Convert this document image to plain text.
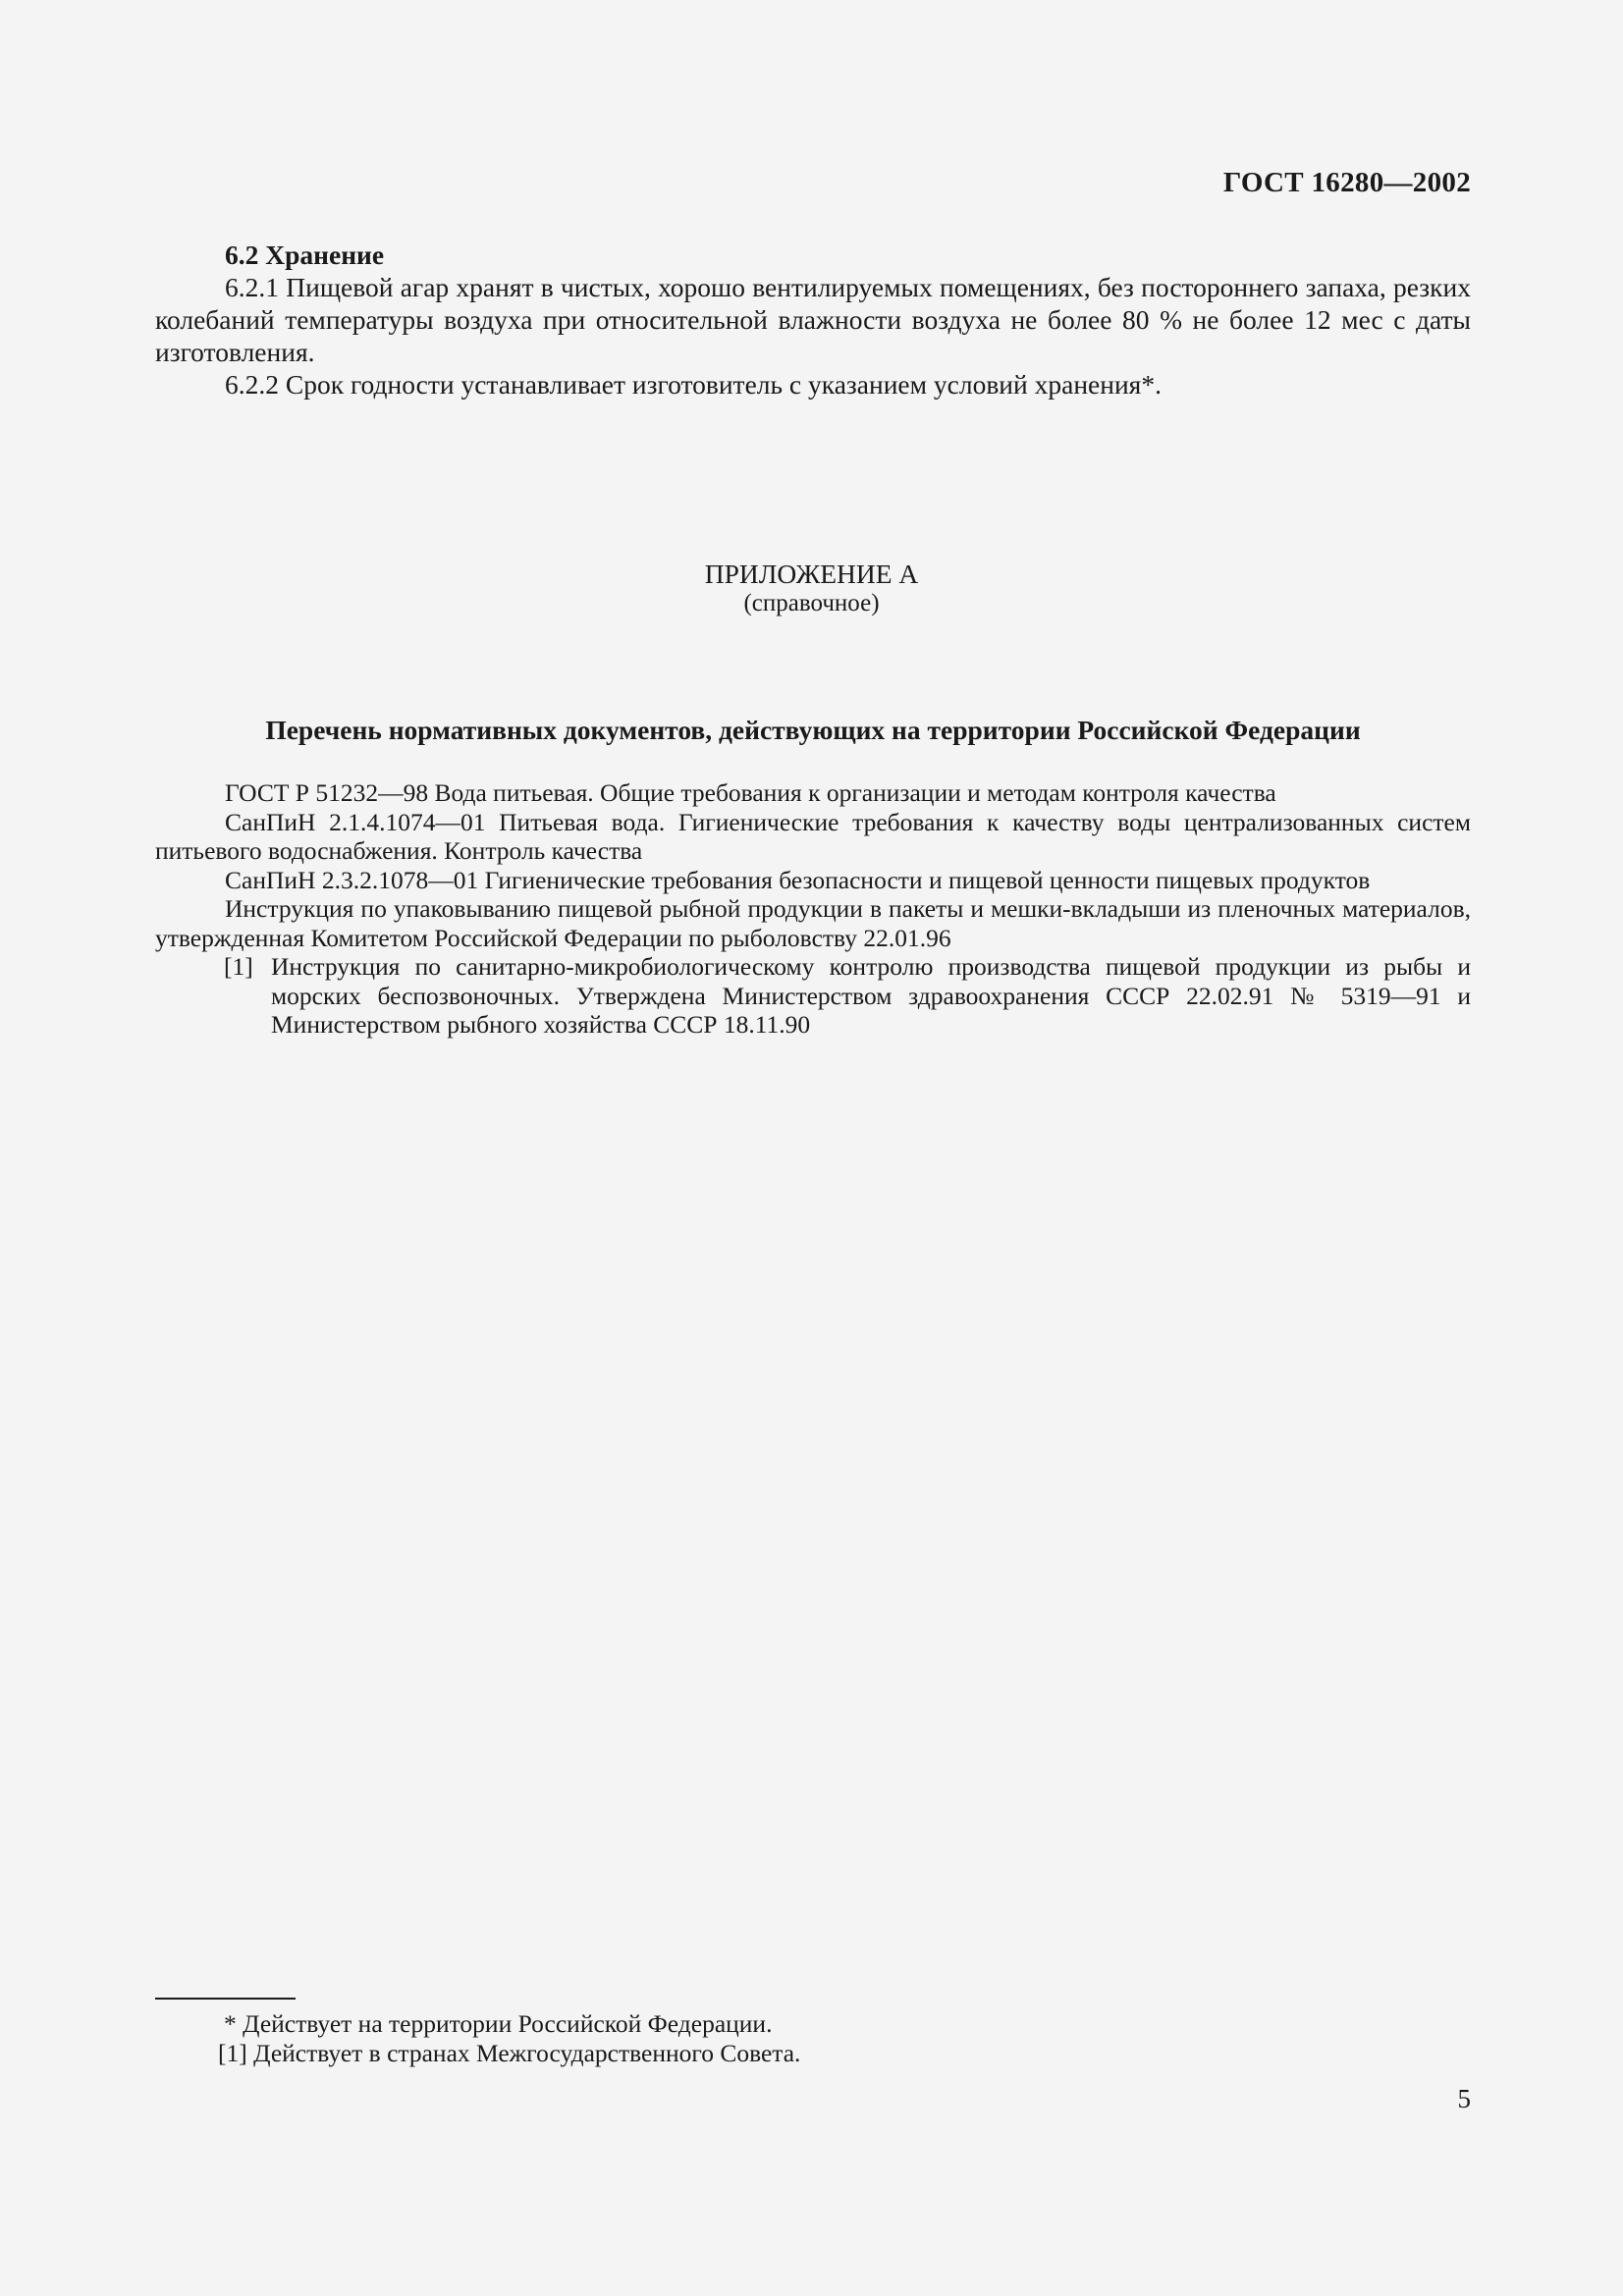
ГОСТ 16280—2002

6.2 Хранение

6.2.1 Пищевой агар хранят в чистых, хорошо вентилируемых помещениях, без постороннего запаха, резких колебаний температуры воздуха при относительной влажности воздуха не более 80 % не более 12 мес с даты изготовления.

6.2.2 Срок годности устанавливает изготовитель с указанием условий хранения*.

ПРИЛОЖЕНИЕ А
(справочное)
Перечень нормативных документов, действующих на территории Российской Федерации

ГОСТ Р 51232—98 Вода питьевая. Общие требования к организации и методам контроля качества

СанПиН 2.1.4.1074—01 Питьевая вода. Гигиенические требования к качеству воды централизованных систем питьевого водоснабжения. Контроль качества

СанПиН 2.3.2.1078—01 Гигиенические требования безопасности и пищевой ценности пищевых продуктов

Инструкция по упаковыванию пищевой рыбной продукции в пакеты и мешки-вкладыши из пленочных материалов, утвержденная Комитетом Российской Федерации по рыболовству 22.01.96

[1] Инструкция по санитарно-микробиологическому контролю производства пищевой продукции из рыбы и морских беспозвоночных. Утверждена Министерством здравоохранения СССР 22.02.91 № 5319—91 и Министерством рыбного хозяйства СССР 18.11.90

* Действует на территории Российской Федерации.

[1] Действует в странах Межгосударственного Совета.

5
